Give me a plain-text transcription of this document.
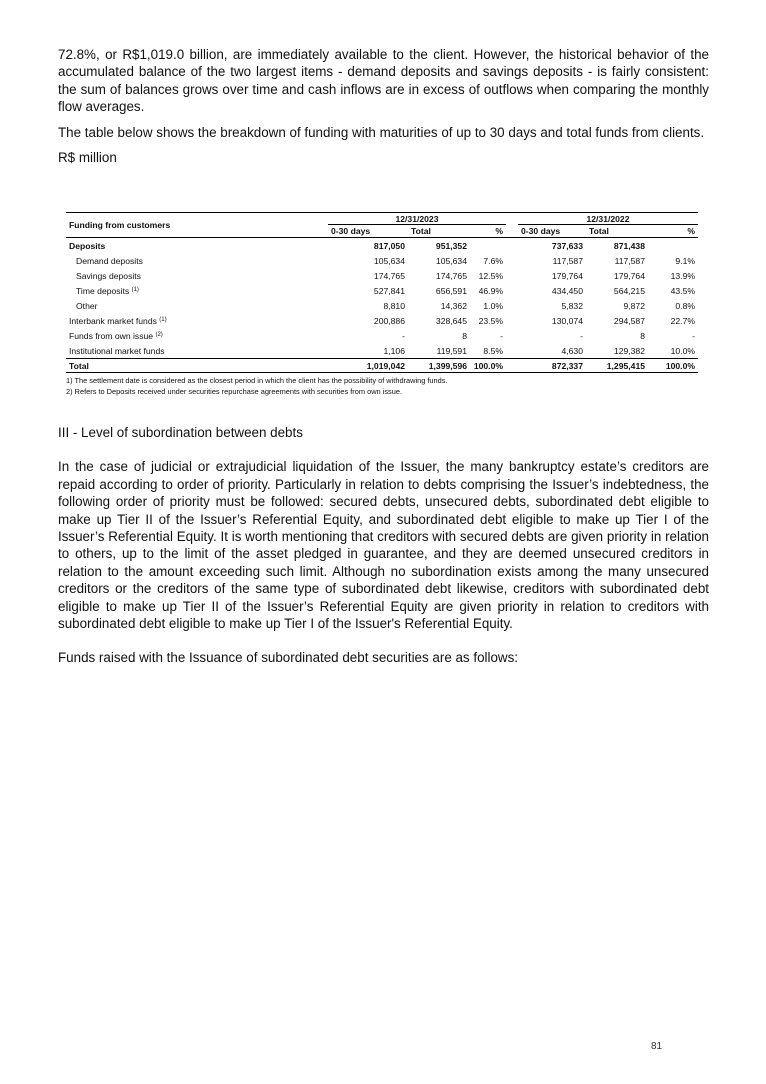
72.8%, or R$1,019.0 billion, are immediately available to the client. However, the historical behavior of the accumulated balance of the two largest items - demand deposits and savings deposits - is fairly consistent: the sum of balances grows over time and cash inflows are in excess of outflows when comparing the monthly flow averages.

The table below shows the breakdown of funding with maturities of up to 30 days and total funds from clients.

R$ million

Funding from customers	12/31/2023				12/31/2022		
	0-30 days	Total	%		0-30 days	Total	%
Deposits	817,050	951,352			737,633	871,438	
Demand deposits	105,634	105,634	7.6%		117,587	117,587	9.1%
Savings deposits	174,765	174,765	12.5%		179,764	179,764	13.9%
Time deposits $^{(1)}$	527,841	656,591	46.9%		434,450	564,215	43.5%
Other	8,810	14,362	1.0%		5,832	9,872	0.8%
Interbank market funds $^{(1)}$	200,886	328,645	23.5%		130,074	294,587	22.7%
Funds from own issue $^{(2)}$	-	8	-		-	8	-
Institutional market funds	1,106	119,591	8.5%		4,630	129,382	10.0%
Total	1,019,042	1,399,596	100.0%		872,337	1,295,415	100.0%
1) The settlement date is considered as the closest period in which the client has the possibility of withdrawing funds.
2) Refers to Deposits received under securities repurchase agreements with securities from own issue.

III - Level of subordination between debts

In the case of judicial or extrajudicial liquidation of the Issuer, the many bankruptcy estate’s creditors are repaid according to order of priority. Particularly in relation to debts comprising the Issuer’s indebtedness, the following order of priority must be followed: secured debts, unsecured debts, subordinated debt eligible to make up Tier II of the Issuer’s Referential Equity, and subordinated debt eligible to make up Tier I of the Issuer’s Referential Equity. It is worth mentioning that creditors with secured debts are given priority in relation to others, up to the limit of the asset pledged in guarantee, and they are deemed unsecured creditors in relation to the amount exceeding such limit. Although no subordination exists among the many unsecured creditors or the creditors of the same type of subordinated debt likewise, creditors with subordinated debt eligible to make up Tier II of the Issuer’s Referential Equity are given priority in relation to creditors with subordinated debt eligible to make up Tier I of the Issuer's Referential Equity.

Funds raised with the Issuance of subordinated debt securities are as follows:

81
